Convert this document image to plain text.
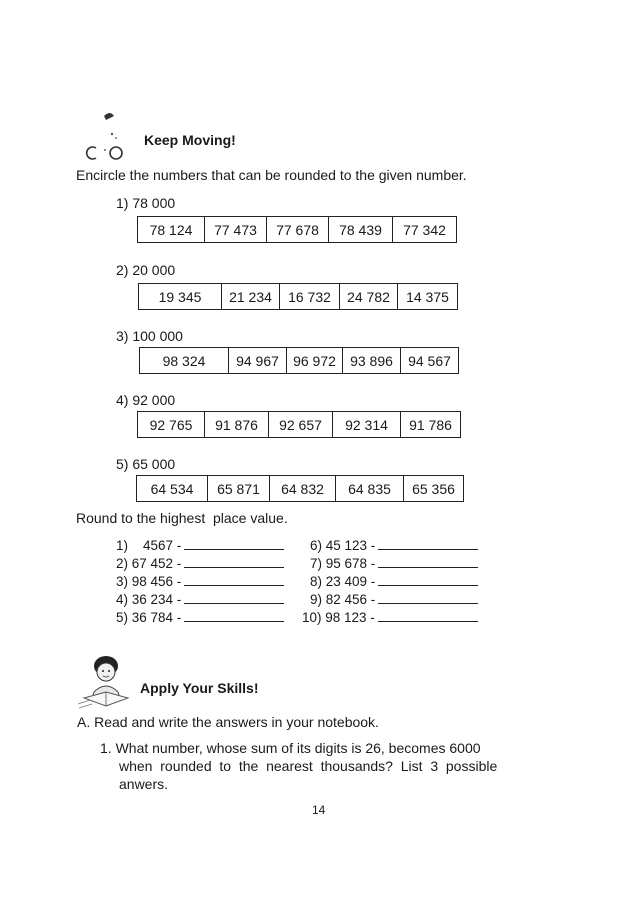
Keep Moving!
Encircle the numbers that can be rounded to the given number.
1) 78 000
78 124	77 473	77 678	78 439	77 342
2) 20 000
19 345	21 234	16 732	24 782	14 375
3) 100 000
98 324	94 967	96 972	93 896	94 567
4) 92 000
92 765	91 876	92 657	92 314	91 786
5) 65 000
64 534	65 871	64 832	64 835	65 356
Round to the highest  place value.
1)    4567 -
2) 67 452 -
3) 98 456 -
4) 36 234 -
5) 36 784 -
6) 45 123 -
7) 95 678 -
8) 23 409 -
9) 82 456 -
10) 98 123 -
Apply Your Skills!
A. Read and write the answers in your notebook.
1. What number, whose sum of its digits is 26, becomes 6000
when  rounded  to  the  nearest  thousands?  List  3  possible
anwers.
14
